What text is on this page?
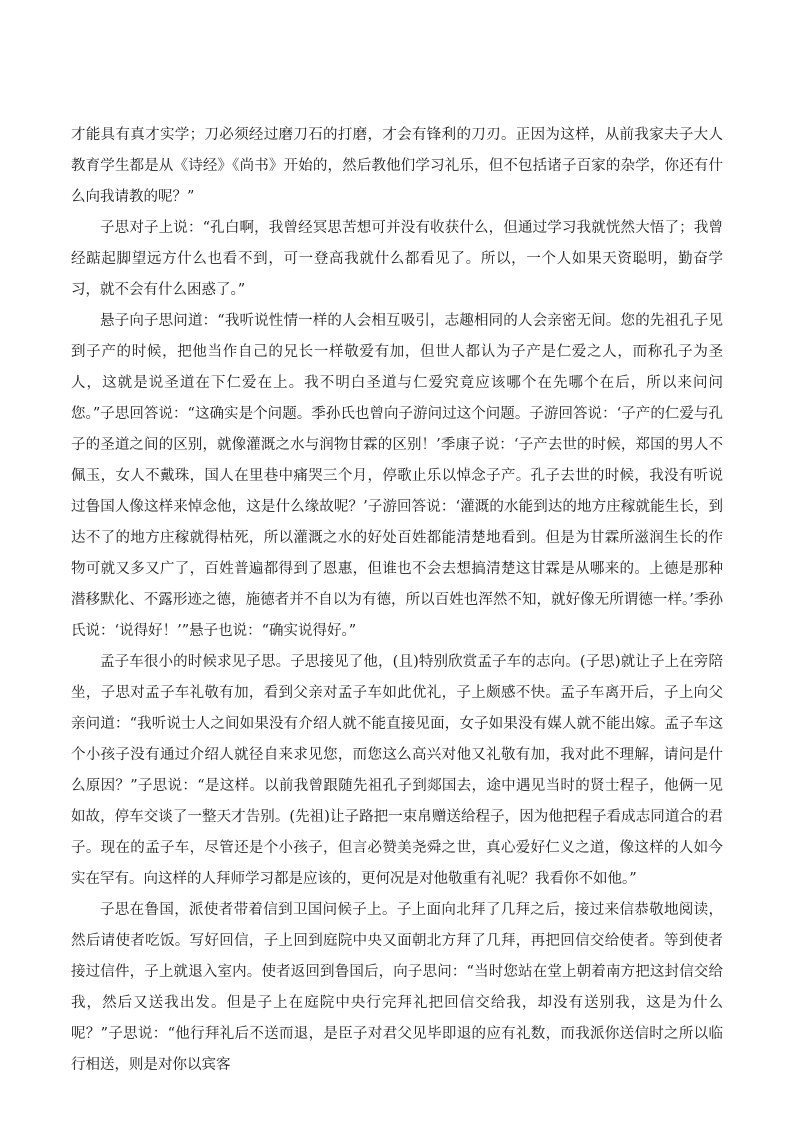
才能具有真才实学；刀必须经过磨刀石的打磨，才会有锋利的刀刃。正因为这样，从前我家夫子大人教育学生都是从《诗经》《尚书》开始的，然后教他们学习礼乐，但不包括诸子百家的杂学，你还有什么向我请教的呢？”

子思对子上说：“孔白啊，我曾经冥思苦想可并没有收获什么，但通过学习我就恍然大悟了；我曾经踮起脚望远方什么也看不到，可一登高我就什么都看见了。所以，一个人如果天资聪明，勤奋学习，就不会有什么困惑了。”

悬子向子思问道：“我听说性情一样的人会相互吸引，志趣相同的人会亲密无间。您的先祖孔子见到子产的时候，把他当作自己的兄长一样敬爱有加，但世人都认为子产是仁爱之人，而称孔子为圣人，这就是说圣道在下仁爱在上。我不明白圣道与仁爱究竟应该哪个在先哪个在后，所以来问问您。”子思回答说：“这确实是个问题。季孙氏也曾向子游问过这个问题。子游回答说：‘子产的仁爱与孔子的圣道之间的区别，就像灌溉之水与润物甘霖的区别！’季康子说：‘子产去世的时候，郑国的男人不佩玉，女人不戴珠，国人在里巷中痛哭三个月，停歌止乐以悼念子产。孔子去世的时候，我没有听说过鲁国人像这样来悼念他，这是什么缘故呢？’子游回答说：‘灌溉的水能到达的地方庄稼就能生长，到达不了的地方庄稼就得枯死，所以灌溉之水的好处百姓都能清楚地看到。但是为甘霖所滋润生长的作物可就又多又广了，百姓普遍都得到了恩惠，但谁也不会去想搞清楚这甘霖是从哪来的。上德是那种潜移默化、不露形迹之德，施德者并不自以为有德，所以百姓也浑然不知，就好像无所谓德一样。’季孙氏说：‘说得好！’”悬子也说：“确实说得好。”

孟子车很小的时候求见子思。子思接见了他，(且)特别欣赏孟子车的志向。(子思)就让子上在旁陪坐，子思对孟子车礼敬有加，看到父亲对孟子车如此优礼，子上颇感不快。孟子车离开后，子上向父亲问道：“我听说士人之间如果没有介绍人就不能直接见面，女子如果没有媒人就不能出嫁。孟子车这个小孩子没有通过介绍人就径自来求见您，而您这么高兴对他又礼敬有加，我对此不理解，请问是什么原因？”子思说：“是这样。以前我曾跟随先祖孔子到郯国去，途中遇见当时的贤士程子，他俩一见如故，停车交谈了一整天才告别。(先祖)让子路把一束帛赠送给程子，因为他把程子看成志同道合的君子。现在的孟子车，尽管还是个小孩子，但言必赞美尧舜之世，真心爱好仁义之道，像这样的人如今实在罕有。向这样的人拜师学习都是应该的，更何况是对他敬重有礼呢？我看你不如他。”

子思在鲁国，派使者带着信到卫国问候子上。子上面向北拜了几拜之后，接过来信恭敬地阅读，然后请使者吃饭。写好回信，子上回到庭院中央又面朝北方拜了几拜，再把回信交给使者。等到使者接过信件，子上就退入室内。使者返回到鲁国后，向子思问：“当时您站在堂上朝着南方把这封信交给我，然后又送我出发。但是子上在庭院中央行完拜礼把回信交给我，却没有送别我，这是为什么呢？”子思说：“他行拜礼后不送而退，是臣子对君父见毕即退的应有礼数，而我派你送信时之所以临行相送，则是对你以宾客
